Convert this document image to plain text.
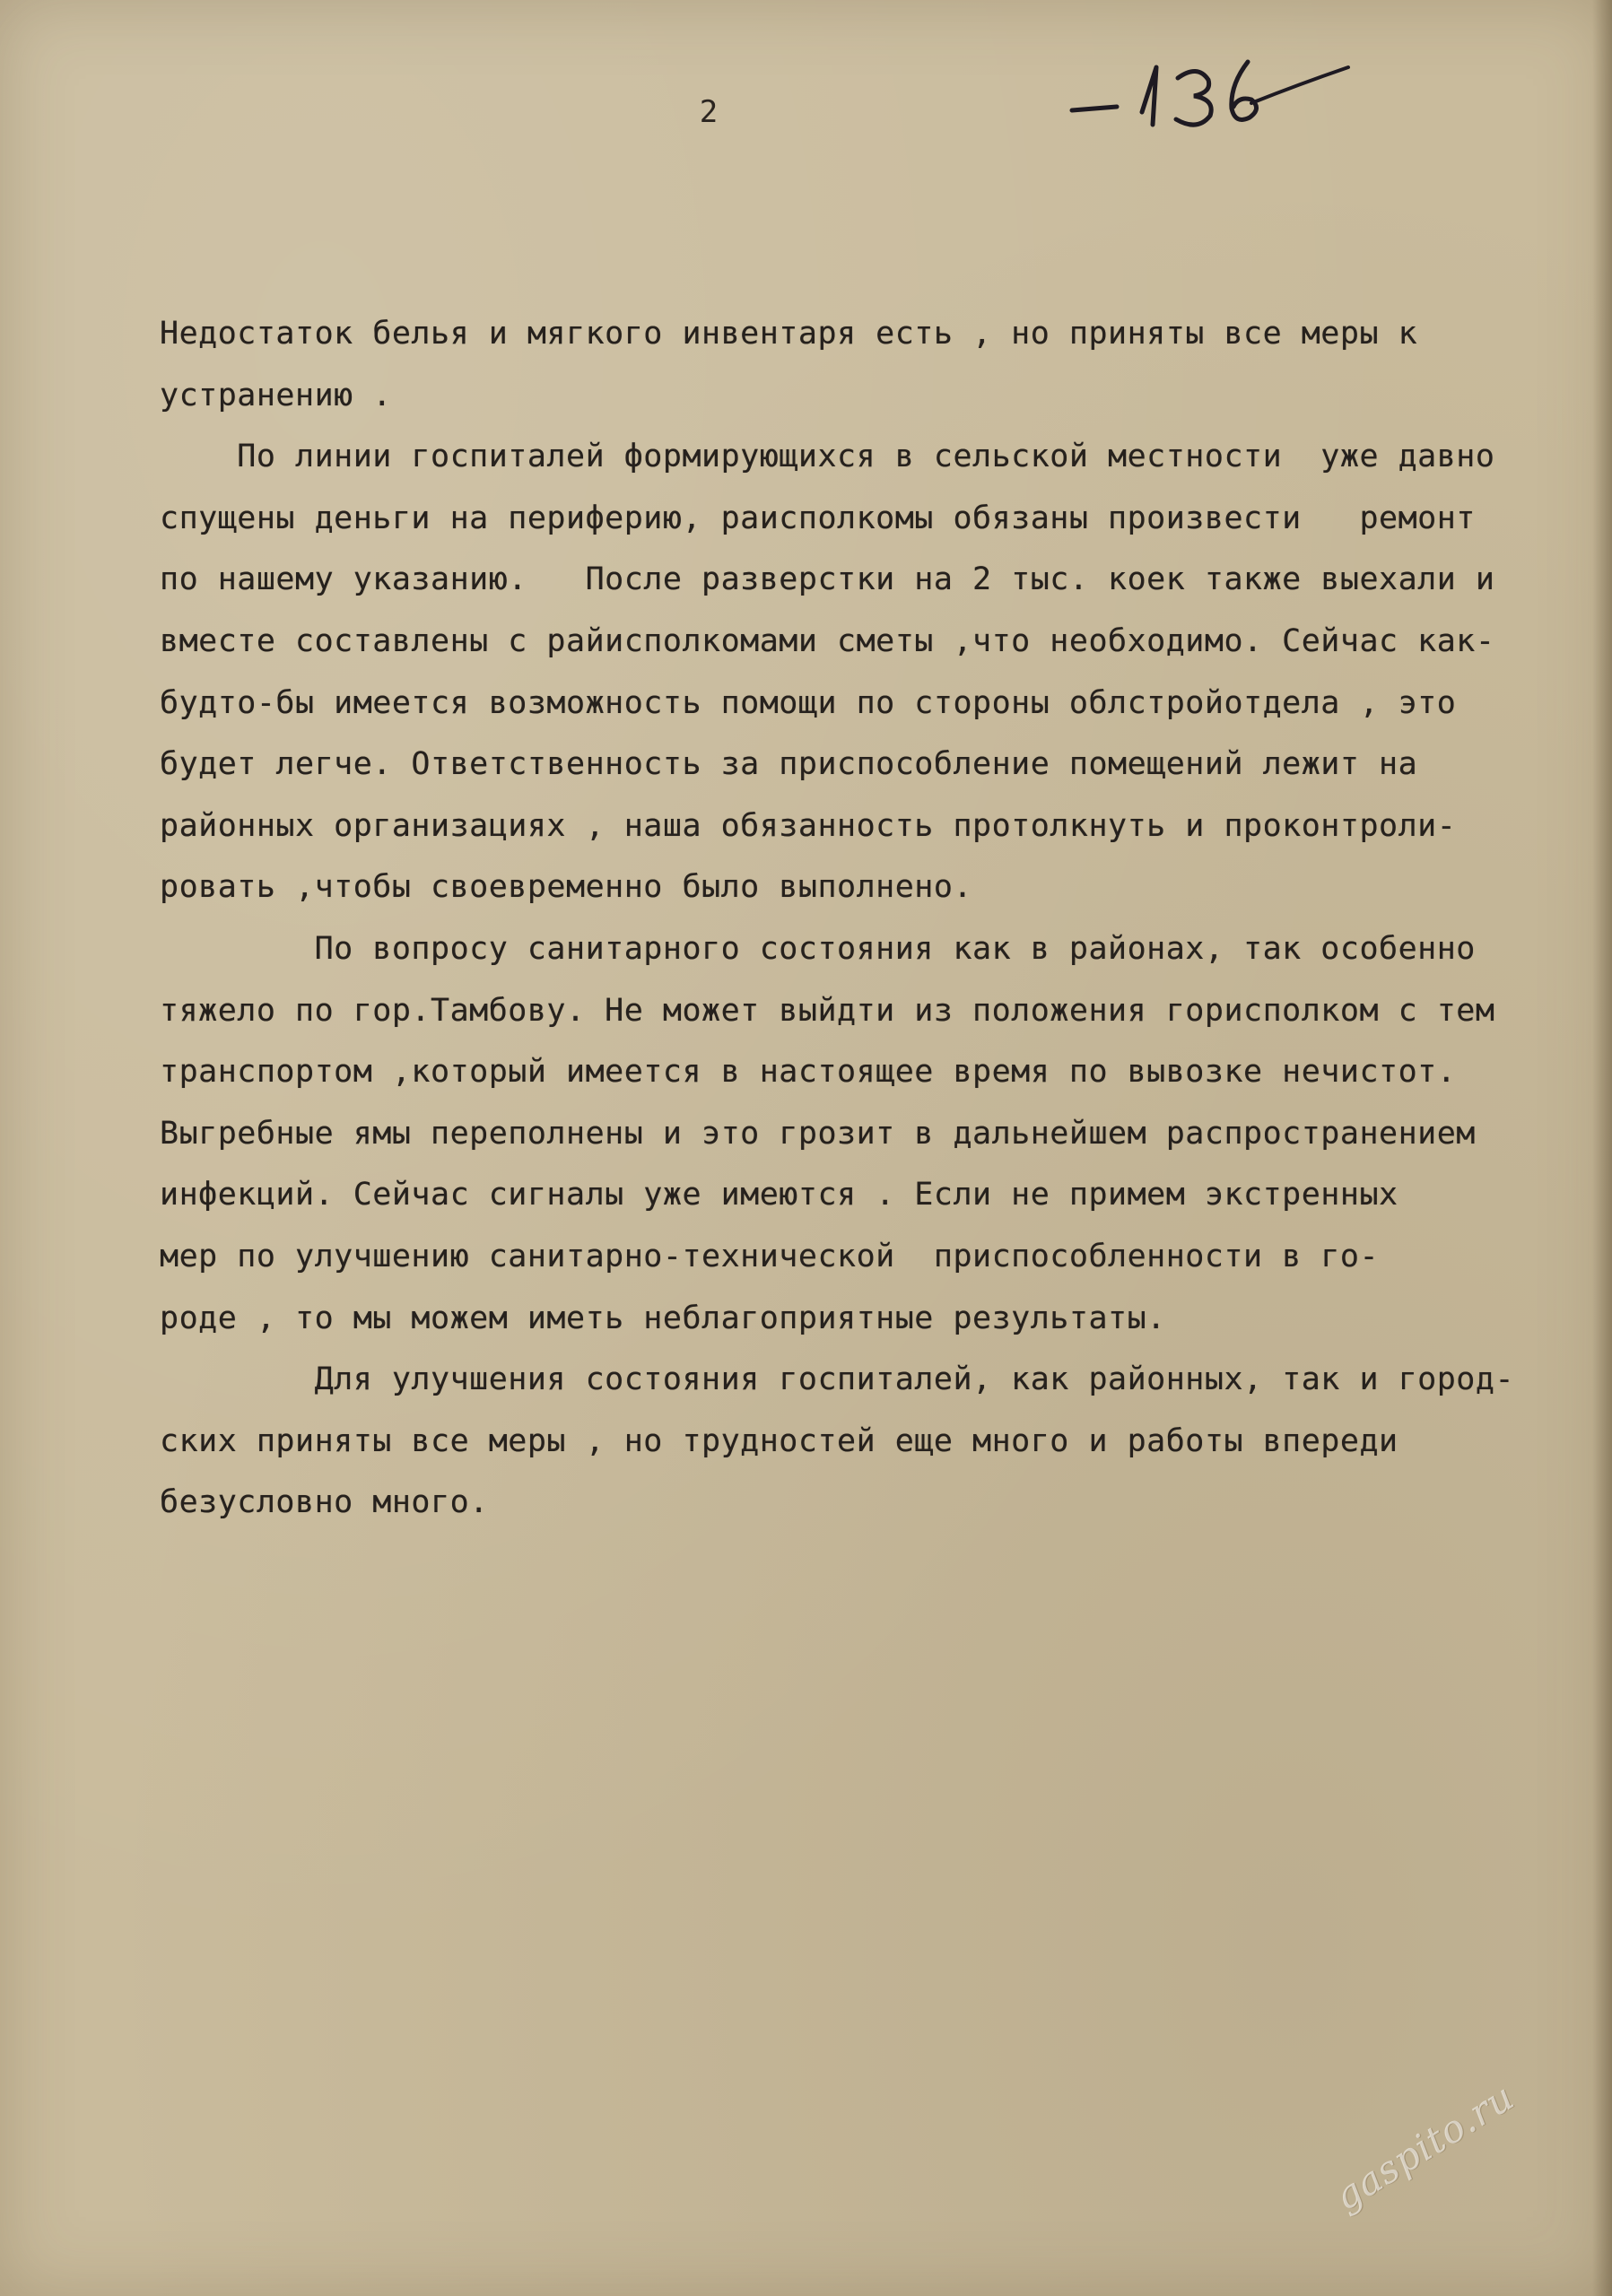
2
Недостаток белья и мягкого инвентаря есть , но приняты все меры к
устранению .
По линии госпиталей формирующихся в сельской местности  уже давно
спущены деньги на периферию, раисполкомы обязаны произвести   ремонт
по нашему указанию.   После разверстки на 2 тыс. коек также выехали и
вместе составлены с райисполкомами сметы ,что необходимо. Сейчас как-
будто-бы имеется возможность помощи по стороны облстройотдела , это
будет легче. Ответственность за приспособление помещений лежит на
районных организациях , наша обязанность протолкнуть и проконтроли-
ровать ,чтобы своевременно было выполнено.
По вопросу санитарного состояния как в районах, так особенно
тяжело по гор.Тамбову. Не может выйдти из положения горисполком с тем
транспортом ,который имеется в настоящее время по вывозке нечистот.
Выгребные ямы переполнены и это грозит в дальнейшем распространением
инфекций. Сейчас сигналы уже имеются . Если не примем экстренных
мер по улучшению санитарно-технической  приспособленности в го-
роде , то мы можем иметь неблагоприятные результаты.
Для улучшения состояния госпиталей, как районных, так и город-
ских приняты все меры , но трудностей еще много и работы впереди
безусловно много.
gaspito.ru
